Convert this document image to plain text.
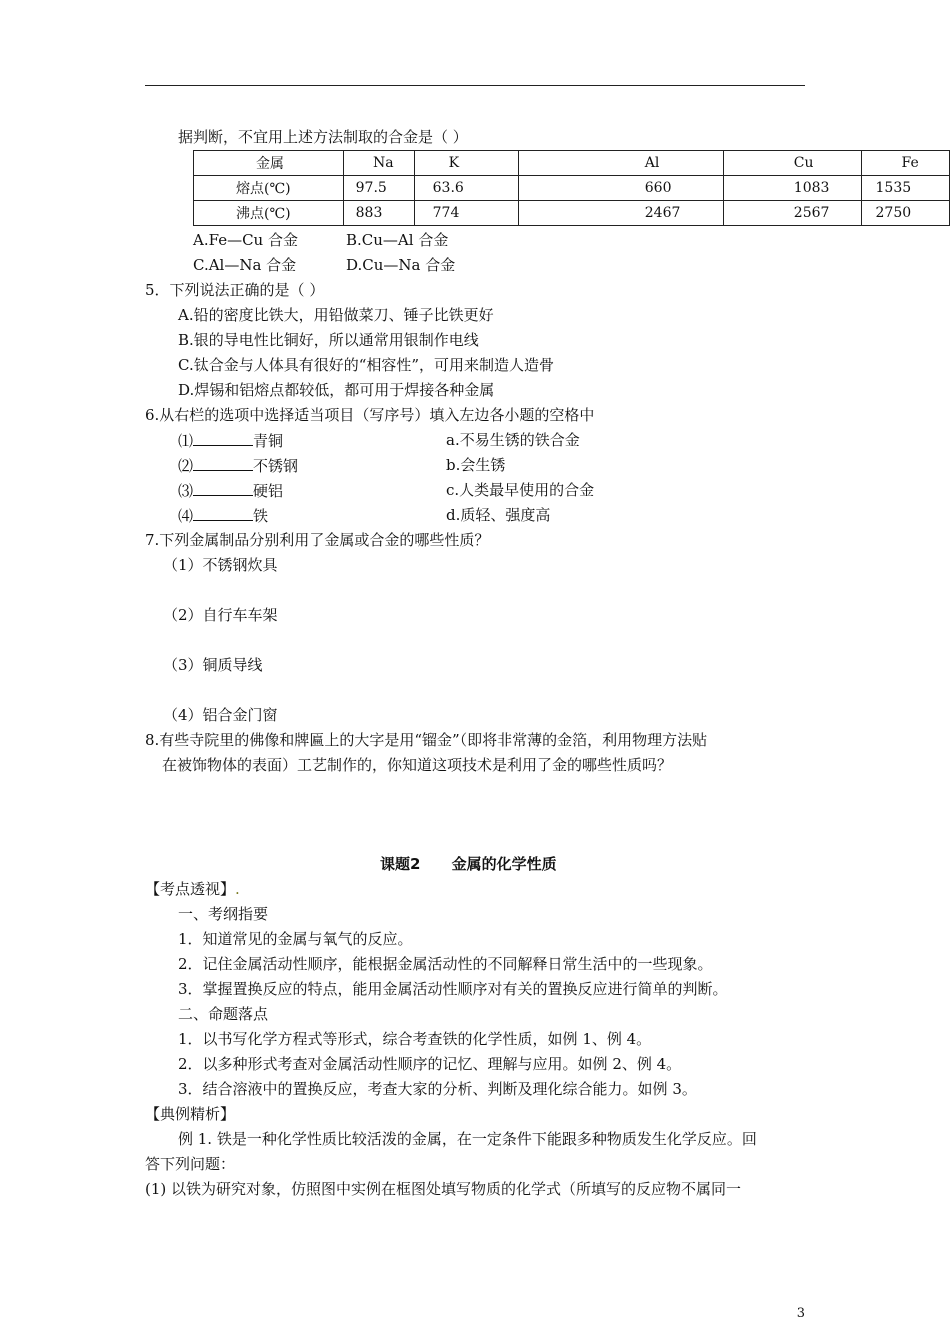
据判断，不宜用上述方法制取的合金是（ ）
金属	Na	K	Al	Cu	Fe
熔点(℃)	97.5	63.6	660	1083	1535
沸点(℃)	883	774	2467	2567	2750
A.Fe—Cu 合金	B.Cu—Al 合金
C.Al—Na 合金	D.Cu—Na 合金
5．下列说法正确的是（ ）
A.铅的密度比铁大，用铅做菜刀、锤子比铁更好
B.银的导电性比铜好，所以通常用银制作电线
C.钛合金与人体具有很好的“相容性”，可用来制造人造骨
D.焊锡和铝熔点都较低，都可用于焊接各种金属
6.从右栏的选项中选择适当项目（写序号）填入左边各小题的空格中
⑴	青铜
⑵	不锈钢
⑶	硬铝
⑷	铁
a.不易生锈的铁合金
b.会生锈
c.人类最早使用的合金
d.质轻、强度高
7.下列金属制品分别利用了金属或合金的哪些性质？
（1）不锈钢炊具
（2）自行车车架
（3）铜质导线
（4）铝合金门窗
8.有些寺院里的佛像和牌匾上的大字是用“镏金”（即将非常薄的金箔，利用物理方法贴
在被饰物体的表面）工艺制作的，你知道这项技术是利用了金的哪些性质吗？
课题2 金属的化学性质
【考点透视】.
一、考纲指要
1．知道常见的金属与氧气的反应。
2．记住金属活动性顺序，能根据金属活动性的不同解释日常生活中的一些现象。
3．掌握置换反应的特点，能用金属活动性顺序对有关的置换反应进行简单的判断。
二、命题落点
1．以书写化学方程式等形式，综合考查铁的化学性质，如例 1、例 4。
2．以多种形式考查对金属活动性顺序的记忆、理解与应用。如例 2、例 4。
3．结合溶液中的置换反应，考查大家的分析、判断及理化综合能力。如例 3。
【典例精析】
例 1. 铁是一种化学性质比较活泼的金属，在一定条件下能跟多种物质发生化学反应。回
答下列问题：
(1) 以铁为研究对象，仿照图中实例在框图处填写物质的化学式（所填写的反应物不属同一
3
